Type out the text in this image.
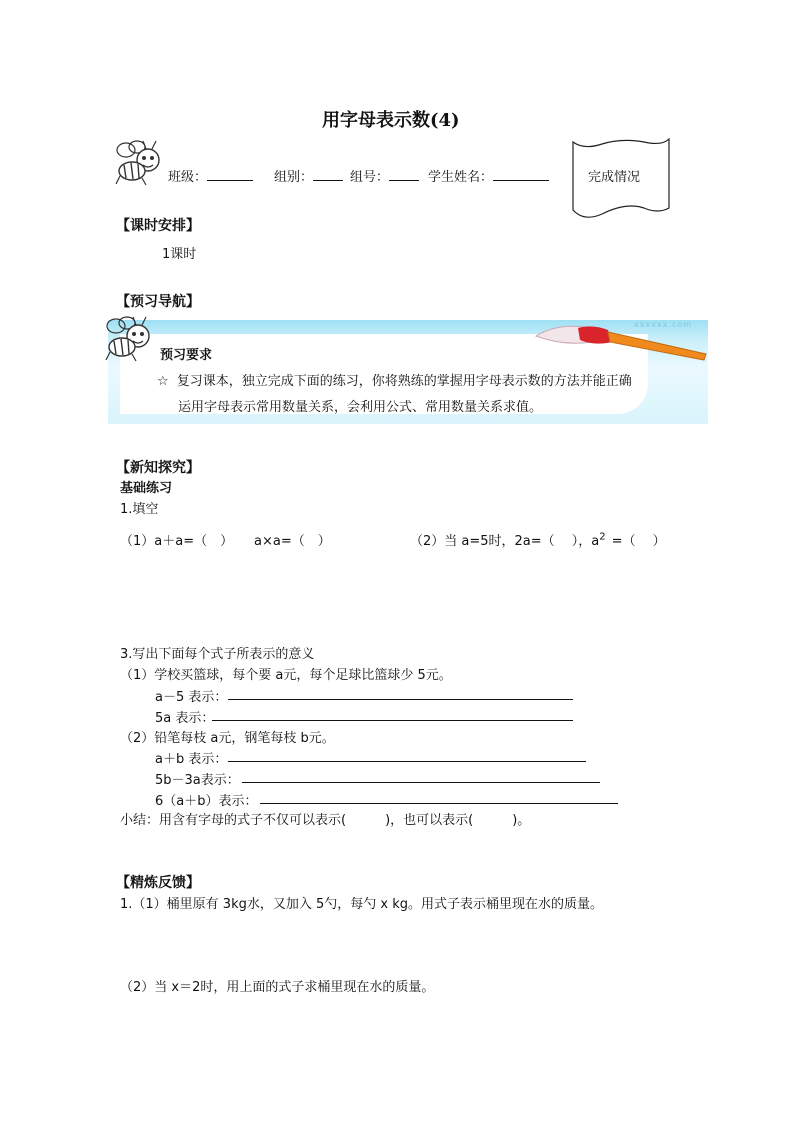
用字母表示数(4)
班级：	组别：	组号：	学生姓名：	完成情况
【课时安排】
1课时
【预习导航】
xxxxxx.com
预习要求
☆ 复习课本，独立完成下面的练习，你将熟练的掌握用字母表示数的方法并能正确
运用字母表示常用数量关系，会利用公式、常用数量关系求值。
【新知探究】
基础练习
1.填空
（1）a＋a=（　） a×a=（　）	（2）当 a=5时，2a=（　 ），$a^2$ =（　 ）
3.写出下面每个式子所表示的意义
（1）学校买篮球，每个要 a元，每个足球比篮球少 5元。
a－5 表示：
5a 表示：
（2）铅笔每枝 a元，钢笔每枝 b元。
a＋b 表示：
5b－3a表示：
6（a＋b）表示：
小结：用含有字母的式子不仅可以表示(　　　)，也可以表示(　　　)。
【精炼反馈】
1.（1）桶里原有 3kg水，又加入 5勺，每勺 x kg。用式子表示桶里现在水的质量。
（2）当 x＝2时，用上面的式子求桶里现在水的质量。
